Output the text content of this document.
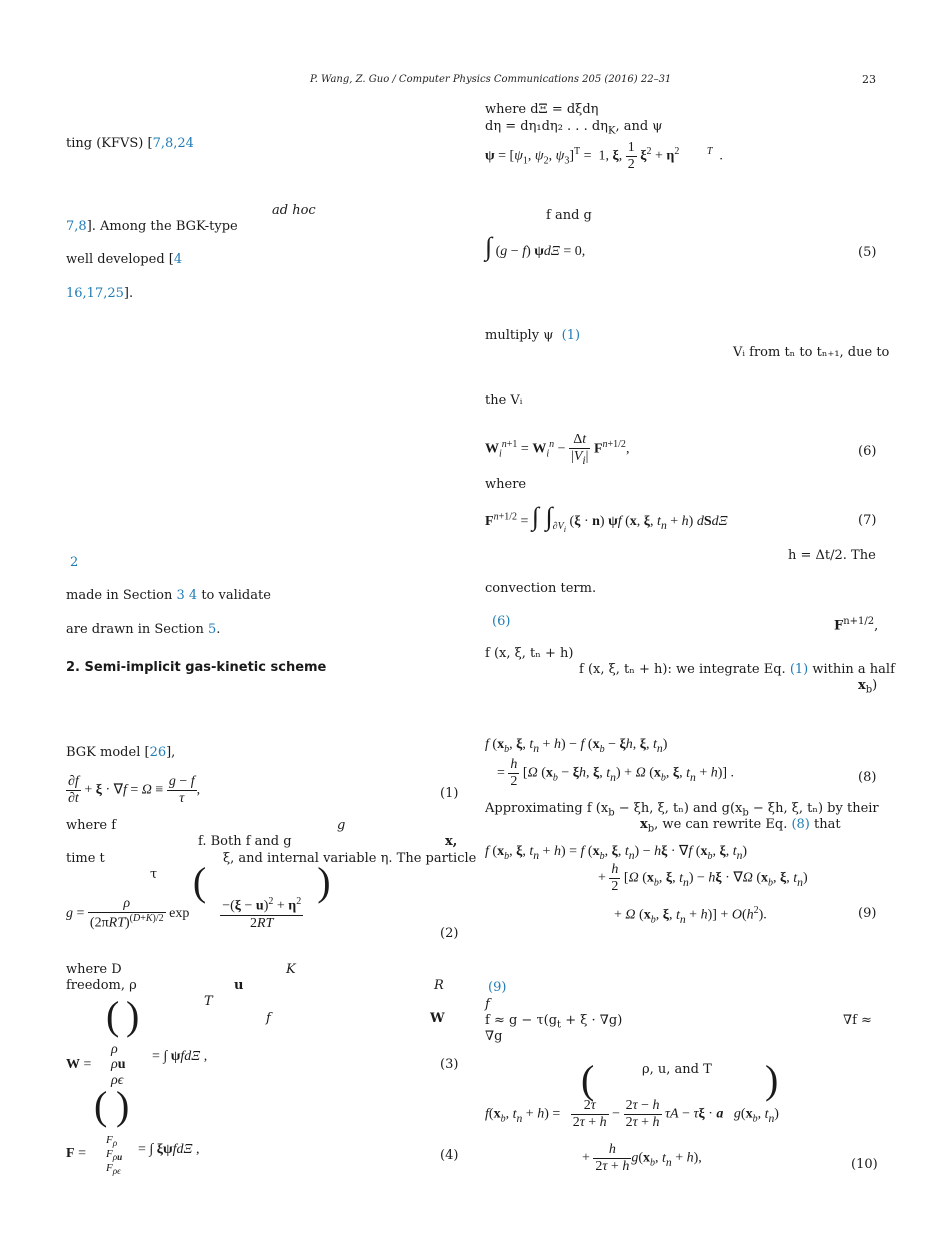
P. Wang, Z. Guo / Computer Physics Communications 205 (2016) 22–31	23
ting (KFVS) [7,8,24
ad hoc
7,8]. Among the BGK-type
well developed [4
16,17,25].
2
made in Section 3 4 to validate
are drawn in Section 5.
2. Semi-implicit gas-kinetic scheme
BGK model [26],
$\frac{\partial f}{\partial t} + \xi \cdot \nabla f = \Omega \equiv \frac{g - f}{\tau}$ ,	(1)
where f	g
x,
f. Both f and g
time t	ξ, and internal variable η. The particle
τ
$g = \frac{\rho}{(2\pi RT)^{(D+K)/2}}$ exp (
$\frac{-(\xi - u)^2 + \eta^2}{2RT}$
)
(2)
where D	K
freedom, ρ	u	R
T
f	W
( )
ρ
W = ρu
ρϵ
= ∫ ψfdΞ ,
(3)
( )
$F_\rho$
$F = F_{\rho u}$
$F_{\rho\epsilon}$
= ∫ ξψfdΞ ,	(4)
where dΞ = dξdη
dη = dη₁dη₂ . . . $d\eta_K$, and ψ
$\psi = [\psi_1$, $\psi_2$, $\psi_3]^T = 1$, ξ, $\frac{1}{2} \xi^2 + \eta^2$	$^T$  .
f and g
∫ (g − f) ψdΞ = 0,	(5)
multiply ψ (1)
Vᵢ from tₙ to tₙ₊₁, due to
the Vᵢ
$W_i^{n+1} = W_i^n - \frac{\Delta t}{|V_i|} F^{n+1/2}$,	(6)
where
$F^{n+1/2}$ = ∫ $\int_{\partial V_i}$ (ξ · n) ψf (x, ξ, $t_n + h$) dSdΞ	(7)
h = Δt/2. The
convection term.
(6)	$F^{n+1/2}$,
f (x, ξ, tₙ + h)
f (x, ξ, tₙ + h): we integrate Eq. (1) within a half
$x_b$)
f ($x_b$, ξ, $t_n + h) - f$ ($x_b - \xi h$, ξ, $t_n$)
= $\frac{h}{2} [\Omega$ ($x_b - \xi h$, ξ, $t_n) + \Omega$ ($x_b$, ξ, $t_n + h$)] .	(8)
Approximating f ($x_b - \xi h$, ξ, tₙ) and $g(x_b - \xi h$, ξ, tₙ) by their
$x_b$, we can rewrite Eq. (8) that
f ($x_b$, ξ, $t_n + h) = f$ ($x_b$, ξ, $t_n) - h\xi \cdot \nabla f$ ($x_b$, ξ, $t_n$)
+ $\frac{h}{2} [\Omega$ ($x_b$, ξ, $t_n) - h\xi \cdot \nabla\Omega$ ($x_b$, ξ, $t_n$)
+ Ω ($x_b$, ξ, $t_n + h)] + O(h^2)$.	(9)
(9)
f
$f \approx g - \tau(g_t + \xi \cdot \nabla g)$	∇f ≈
∇g
ρ, u, and T
(	)
$f(x_b$, $t_n + h) = \frac{2\tau}{2\tau + h} - \frac{2\tau - h}{2\tau + h}$ τA − τξ · a $g(x_b$, $t_n$)
+ $\frac{h}{2\tau + h} g(x_b$, $t_n + h$),	(10)
